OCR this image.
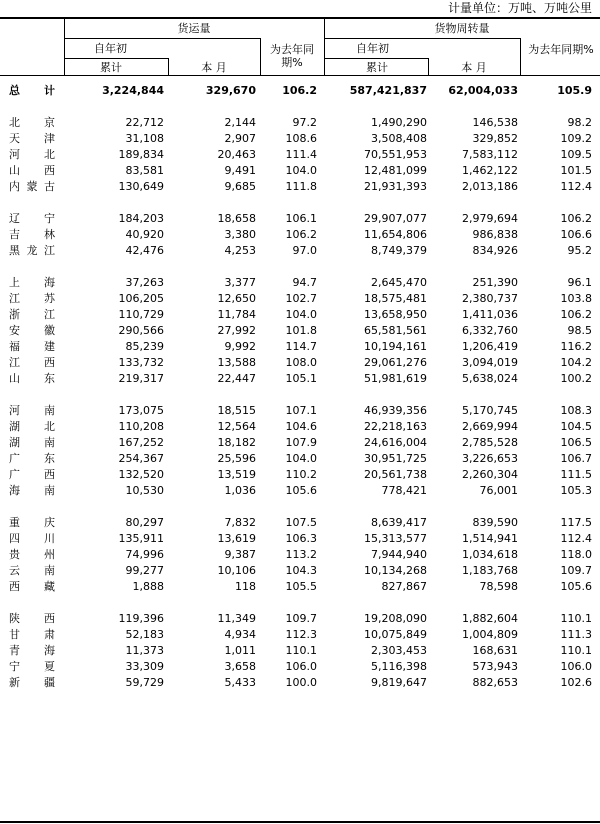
计量单位：万吨、万吨公里
货运量	货物周转量
自年初	自年初
累计	累计
本 月	本 月
为去年同期%
为去年同期%
总 计	3,224,844	329,670	106.2	587,421,837	62,004,033	105.9
北 京	22,712	2,144	97.2	1,490,290	146,538	98.2
天 津	31,108	2,907	108.6	3,508,408	329,852	109.2
河 北	189,834	20,463	111.4	70,551,953	7,583,112	109.5
山 西	83,581	9,491	104.0	12,481,099	1,462,122	101.5
内蒙古	130,649	9,685	111.8	21,931,393	2,013,186	112.4
辽 宁	184,203	18,658	106.1	29,907,077	2,979,694	106.2
吉 林	40,920	3,380	106.2	11,654,806	986,838	106.6
黑龙江	42,476	4,253	97.0	8,749,379	834,926	95.2
上 海	37,263	3,377	94.7	2,645,470	251,390	96.1
江 苏	106,205	12,650	102.7	18,575,481	2,380,737	103.8
浙 江	110,729	11,784	104.0	13,658,950	1,411,036	106.2
安 徽	290,566	27,992	101.8	65,581,561	6,332,760	98.5
福 建	85,239	9,992	114.7	10,194,161	1,206,419	116.2
江 西	133,732	13,588	108.0	29,061,276	3,094,019	104.2
山 东	219,317	22,447	105.1	51,981,619	5,638,024	100.2
河 南	173,075	18,515	107.1	46,939,356	5,170,745	108.3
湖 北	110,208	12,564	104.6	22,218,163	2,669,994	104.5
湖 南	167,252	18,182	107.9	24,616,004	2,785,528	106.5
广 东	254,367	25,596	104.0	30,951,725	3,226,653	106.7
广 西	132,520	13,519	110.2	20,561,738	2,260,304	111.5
海 南	10,530	1,036	105.6	778,421	76,001	105.3
重 庆	80,297	7,832	107.5	8,639,417	839,590	117.5
四 川	135,911	13,619	106.3	15,313,577	1,514,941	112.4
贵 州	74,996	9,387	113.2	7,944,940	1,034,618	118.0
云 南	99,277	10,106	104.3	10,134,268	1,183,768	109.7
西 藏	1,888	118	105.5	827,867	78,598	105.6
陕 西	119,396	11,349	109.7	19,208,090	1,882,604	110.1
甘 肃	52,183	4,934	112.3	10,075,849	1,004,809	111.3
青 海	11,373	1,011	110.1	2,303,453	168,631	110.1
宁 夏	33,309	3,658	106.0	5,116,398	573,943	106.0
新 疆	59,729	5,433	100.0	9,819,647	882,653	102.6
